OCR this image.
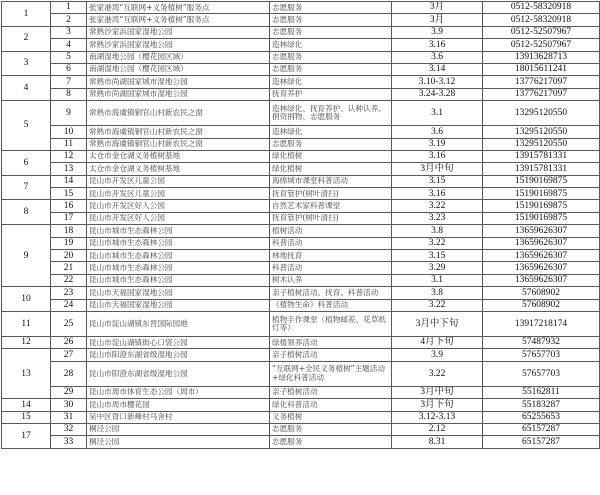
1	1	张家港湾“互联网+义务植树”服务点	志愿服务	3月	0512-58320918
	2	张家港湾“互联网+义务植树”服务点	志愿服务	3月	0512-58320918
2	3	常熟沙家浜国家湿地公园	志愿服务	3.9	0512-52507967
	4	常熟沙家浜国家湿地公园	造林绿化	3.16	0512-52507967
3	5	南湖湿地公园（樱花园区域）	志愿服务	3.6	13913628713
	6	南湖湿地公园（樱花园区域）	志愿服务	3.14	18015611241
4	7	常熟市尚湖国家城市湿地公园	造林绿化	3.10-3.12	13776217097
	8	常熟市尚湖国家城市湿地公园	抚育养护	3.24-3.28	13776217097
5	9	常熟市海虞镇铜官山村新农民之窗	造林绿化、抚育养护、认种认养、捐资捐物、志愿服务	3.1	13295120550
	10	常熟市海虞镇铜官山村新农民之窗	造林绿化	3.6	13295120550
	11	常熟市海虞镇铜官山村新农民之窗	志愿服务	3.19	13295120550
6	12	太仓市金仓湖义务植树基地	绿化植树	3.16	13915781331
	13	太仓市金仓湖义务植树基地	绿化植树	3月中旬	13915781331
7	14	昆山市开发区儿童公园	海绵城市课堂科普活动	3.15	15190169875
	15	昆山市开发区儿童公园	抚育管护(树叶清扫)	3.16	15190169875
8	16	昆山市开发区好人公园	自然艺术家科普课堂	3.22	15190169875
	17	昆山市开发区好人公园	抚育管护(树叶清扫)	3.23	15190169875
9	18	昆山市城市生态森林公园	植树活动	3.8	13659626307
	19	昆山市城市生态森林公园	科普活动	3.22	13659626307
	20	昆山市城市生态森林公园	林地抚育	3.15	13659626307
	21	昆山市城市生态森林公园	科普活动	3.29	13659626307
	22	昆山市城市生态森林公园	树木认养	3.1	13659626307
10	23	昆山市天福国家湿地公园	亲子植树活动、抚育、科普活动	3.8	57608902
	24	昆山市天福国家湿地公园	《植物生命》科普活动	3.22	57608902
11	25	昆山市淀山湖镇东晋国际园地	植物手作课堂（植物邮差、花草纸灯等）	3月中下旬	13917218174
12	26	昆山市淀山湖镇街心口袋公园	绿植领养活动	4月下旬	57487932
13	27	昆山市阳澄东湖省级湿地公园	亲子植树活动	3.9	57657703
	28	昆山市阳澄东湖省级湿地公园	“互联网+全民义务植树”主题活动+绿化科普活动	3.22	57657703
	29	昆山市周市体育生态公园（周市）	亲子植树活动	3月中旬	55162811
14	30	昆山市周市樱花园	绿化科普活动	3月下旬	55183287
15	31	吴中区胥口新峰村马舍村	义务植树	3.12-3.13	65255653
17	32	桐泾公园	志愿服务	2.12	65157287
	33	桐泾公园	志愿服务	8.31	65157287
